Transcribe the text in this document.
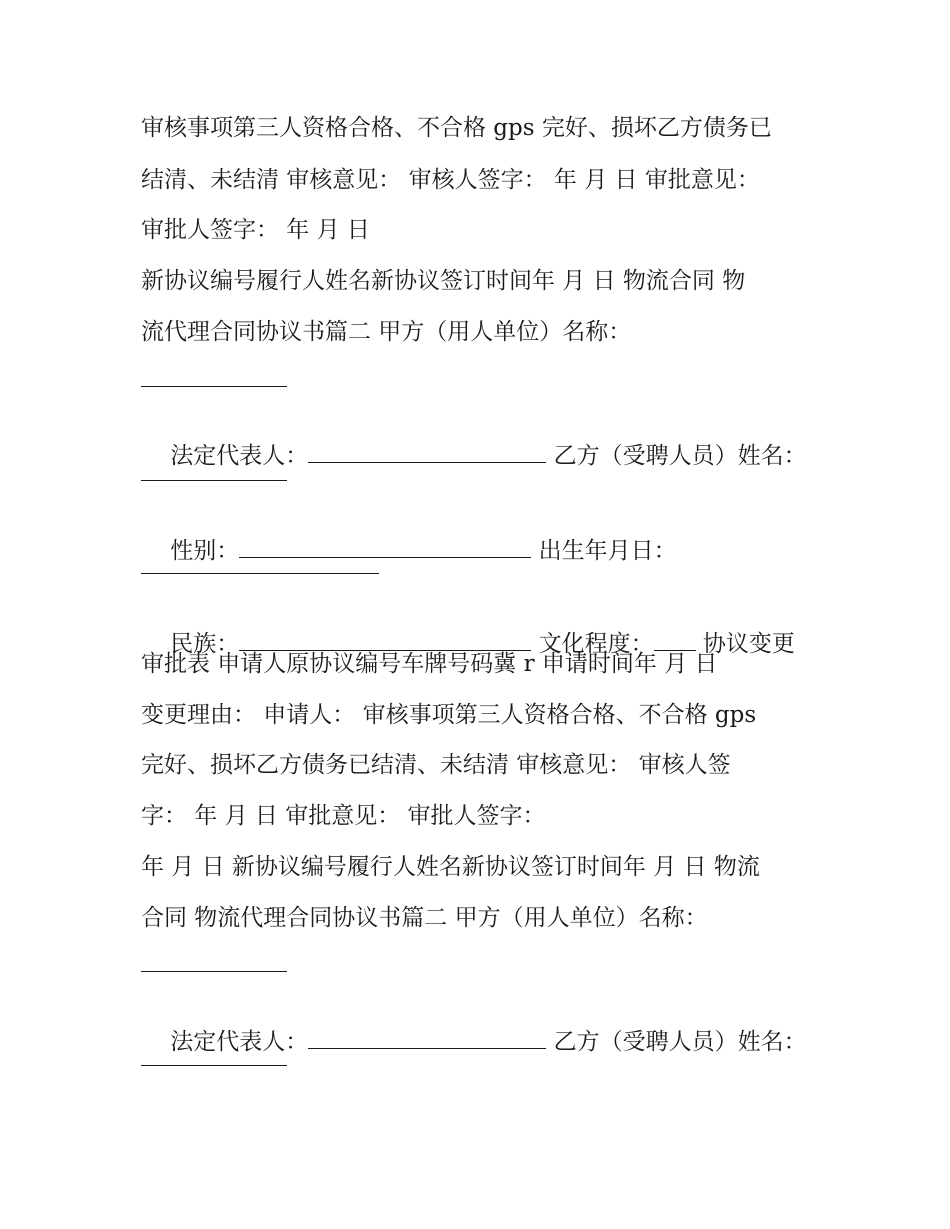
审核事项第三人资格合格、不合格 gps 完好、损坏乙方债务已
结清、未结清 审核意见： 审核人签字： 年 月 日 审批意见：
审批人签字： 年 月 日
新协议编号履行人姓名新协议签订时间年 月 日 物流合同 物
流代理合同协议书篇二 甲方（用人单位）名称：

法定代表人：	乙方（受聘人员）姓名：

性别：	出生年月日：

民族：	文化程度： 协议变更

审批表 申请人原协议编号车牌号码冀 r 申请时间年 月 日
变更理由： 申请人： 审核事项第三人资格合格、不合格 gps
完好、损坏乙方债务已结清、未结清 审核意见： 审核人签
字： 年 月 日 审批意见： 审批人签字：
年 月 日 新协议编号履行人姓名新协议签订时间年 月 日 物流
合同 物流代理合同协议书篇二 甲方（用人单位）名称：

法定代表人：	乙方（受聘人员）姓名：
